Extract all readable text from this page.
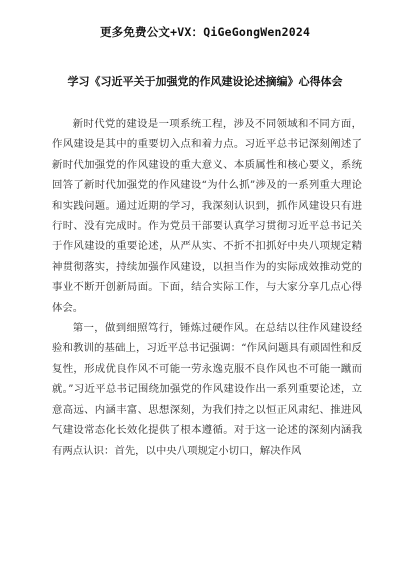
更多免费公文+VX：QiGeGongWen2024
学习《习近平关于加强党的作风建设论述摘编》心得体会

新时代党的建设是一项系统工程，涉及不同领域和不同方面，作风建设是其中的重要切入点和着力点。习近平总书记深刻阐述了新时代加强党的作风建设的重大意义、本质属性和核心要义，系统回答了新时代加强党的作风建设“为什么抓”涉及的一系列重大理论和实践问题。通过近期的学习，我深刻认识到，抓作风建设只有进行时、没有完成时。作为党员干部要认真学习贯彻习近平总书记关于作风建设的重要论述，从严从实、不折不扣抓好中央八项规定精神贯彻落实，持续加强作风建设，以担当作为的实际成效推动党的事业不断开创新局面。下面，结合实际工作，与大家分享几点心得体会。

第一，做到细照笃行，锤炼过硬作风。在总结以往作风建设经验和教训的基础上，习近平总书记强调：“作风问题具有顽固性和反复性，形成优良作风不可能一劳永逸克服不良作风也不可能一蹴而就。”习近平总书记围绕加强党的作风建设作出一系列重要论述，立意高远、内涵丰富、思想深刻，为我们持之以恒正风肃纪、推进风气建设常态化长效化提供了根本遵循。对于这一论述的深刻内涵我有两点认识：首先，以中央八项规定小切口，解决作风
